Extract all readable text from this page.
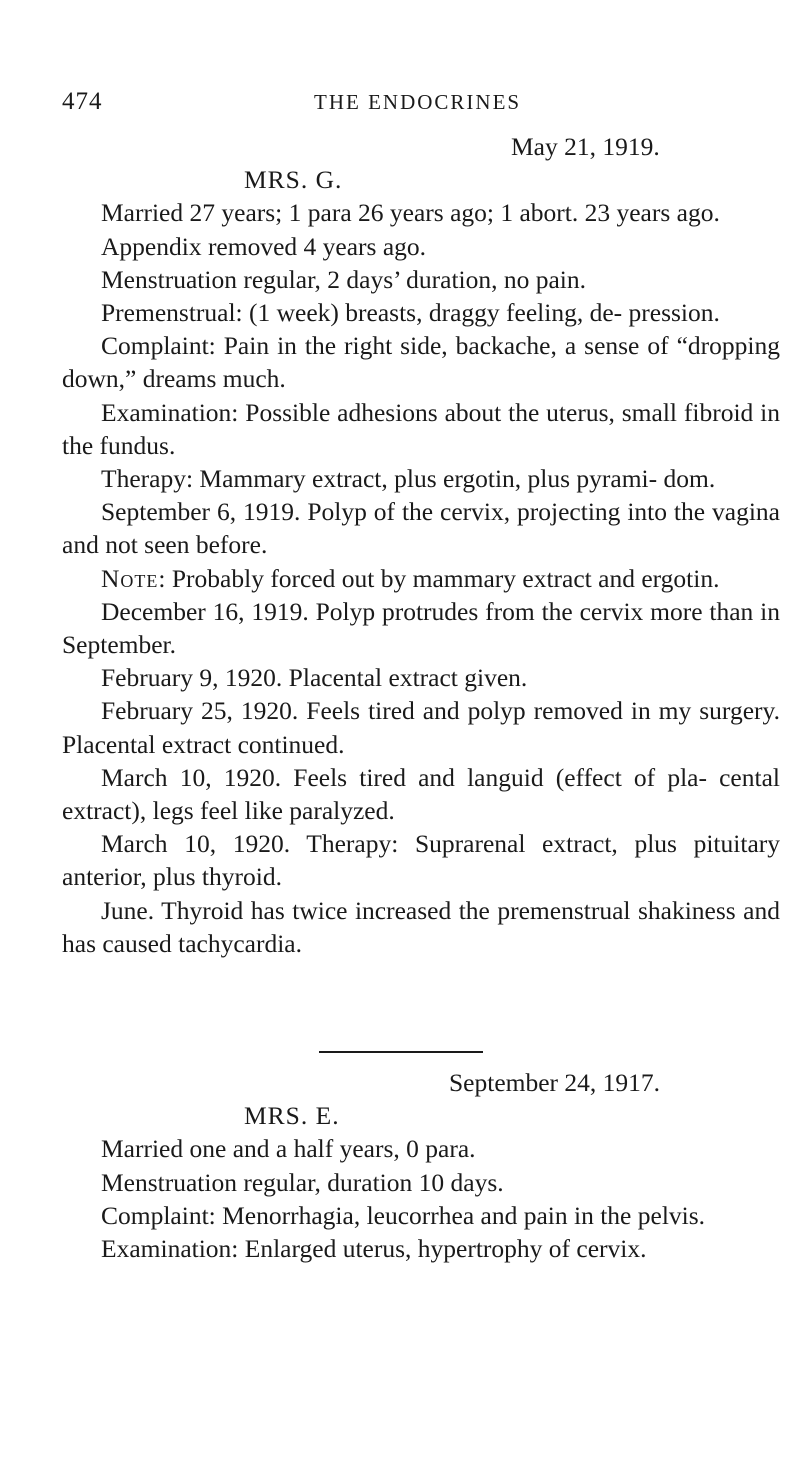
474	THE ENDOCRINES
May 21, 1919.
MRS. G.

Married 27 years; 1 para 26 years ago; 1 abort. 23 years ago.

Appendix removed 4 years ago.

Menstruation regular, 2 days’ duration, no pain.

Premenstrual: (1 week) breasts, draggy feeling, de- pression.

Complaint: Pain in the right side, backache, a sense of “dropping down,” dreams much.

Examination: Possible adhesions about the uterus, small fibroid in the fundus.

Therapy: Mammary extract, plus ergotin, plus pyrami- dom.

September 6, 1919. Polyp of the cervix, projecting into the vagina and not seen before.

Note: Probably forced out by mammary extract and ergotin.

December 16, 1919. Polyp protrudes from the cervix more than in September.

February 9, 1920. Placental extract given.

February 25, 1920. Feels tired and polyp removed in my surgery. Placental extract continued.

March 10, 1920. Feels tired and languid (effect of pla- cental extract), legs feel like paralyzed.

March 10, 1920. Therapy: Suprarenal extract, plus pituitary anterior, plus thyroid.

June. Thyroid has twice increased the premenstrual shakiness and has caused tachycardia.

September 24, 1917.
MRS. E.

Married one and a half years, 0 para.

Menstruation regular, duration 10 days.

Complaint: Menorrhagia, leucorrhea and pain in the pelvis.

Examination: Enlarged uterus, hypertrophy of cervix.
